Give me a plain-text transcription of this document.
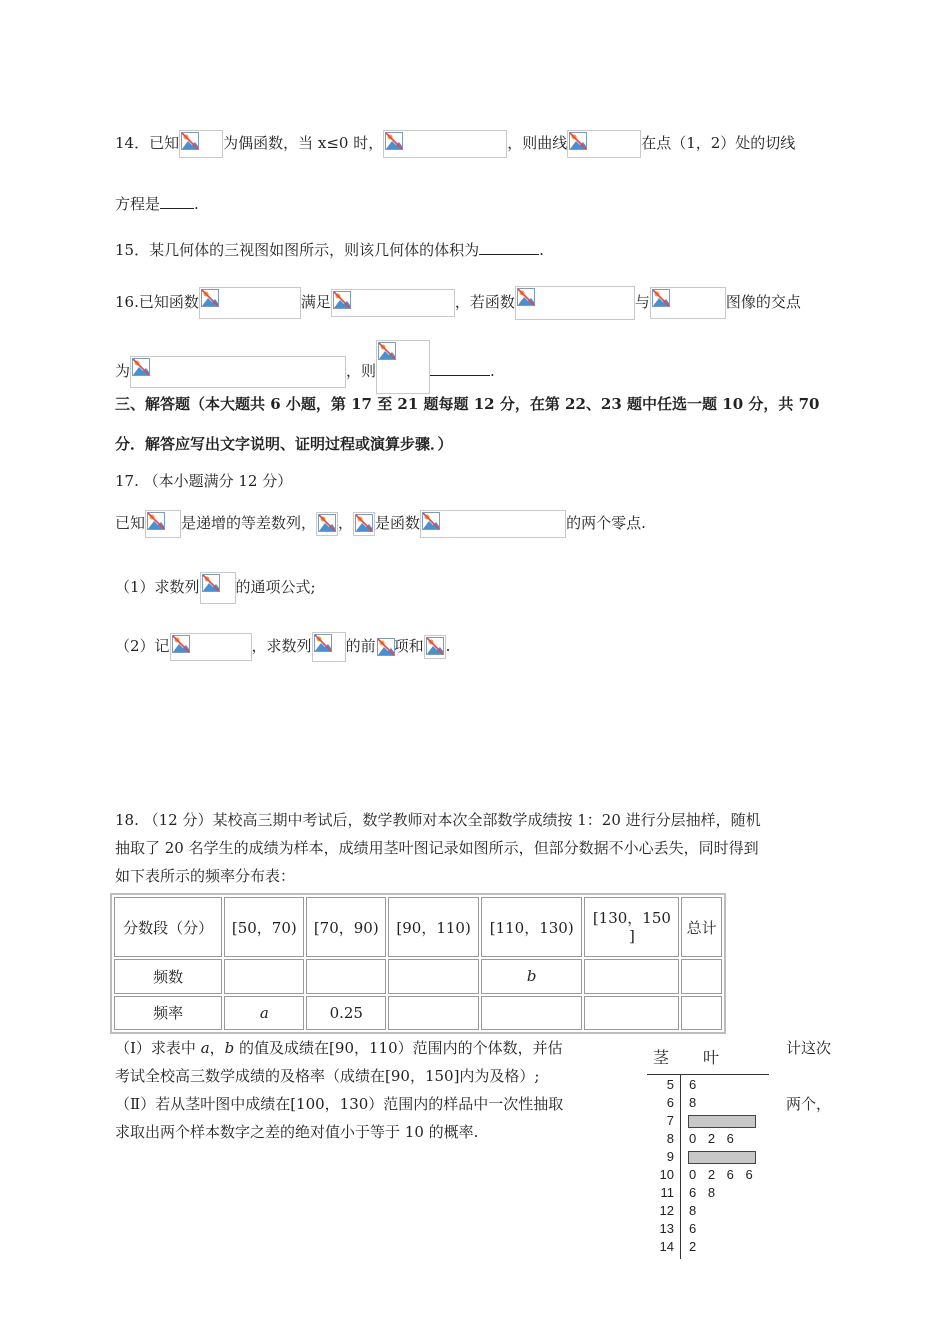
14．已知	为偶函数，当 x≤0 时，	，则曲线	在点（1，2）处的切线
方程是 .
15．某几何体的三视图如图所示，则该几何体的体积为	.
16.已知函数	满足	，若函数	与	图像的交点
为	，则	.
三、解答题（本大题共 6 小题，第 17 至 21 题每题 12 分，在第 22、23 题中任选一题 10 分，共 70
分．解答应写出文字说明、证明过程或演算步骤．）
17. （本小题满分 12 分）
已知 是递增的等差数列， ， 是函数	的两个零点.
（1）求数列 的通项公式;
（2）记	，求数列 的前 项和 .
18. （12 分）某校高三期中考试后，数学教师对本次全部数学成绩按 1：20 进行分层抽样，随机
抽取了 20 名学生的成绩为样本，成绩用茎叶图记录如图所示，但部分数据不小心丢失，同时得到
如下表所示的频率分布表：
分数段（分）	[50，70)	[70，90)	[90，110)	[110，130)	[130，150
]	总计
频数				b		
频率	a	0.25				
（Ⅰ）求表中 a，b 的值及成绩在[90，110）范围内的个体数，并估	计这次
考试全校高三数学成绩的及格率（成绩在[90，150]内为及格）;
（Ⅱ）若从茎叶图中成绩在[100，130）范围内的样品中一次性抽取	两个，
求取出两个样本数字之差的绝对值小于等于 10 的概率.
茎 叶
5 6
6 8
7
8 0 2 6
9
10 0 2 6 6
11 6 8
12 8
13 6
14 2
